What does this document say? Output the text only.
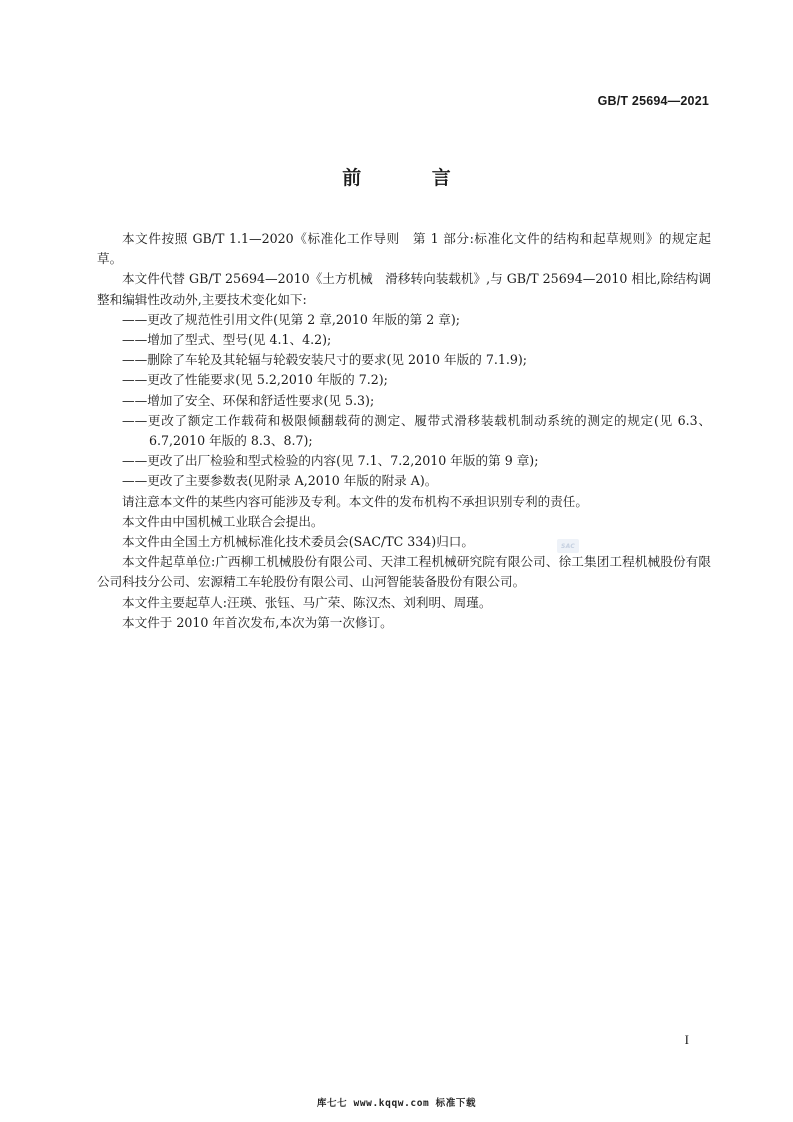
GB/T 25694—2021
前 言

本文件按照 GB/T 1.1—2020《标准化工作导则　第 1 部分:标准化文件的结构和起草规则》的规定起草。

本文件代替 GB/T 25694—2010《土方机械　滑移转向装载机》,与 GB/T 25694—2010 相比,除结构调整和编辑性改动外,主要技术变化如下:

——更改了规范性引用文件(见第 2 章,2010 年版的第 2 章);

——增加了型式、型号(见 4.1、4.2);

——删除了车轮及其轮辐与轮毂安装尺寸的要求(见 2010 年版的 7.1.9);

——更改了性能要求(见 5.2,2010 年版的 7.2);

——增加了安全、环保和舒适性要求(见 5.3);

——更改了额定工作载荷和极限倾翻载荷的测定、履带式滑移装载机制动系统的测定的规定(见 6.3、6.7,2010 年版的 8.3、8.7);

——更改了出厂检验和型式检验的内容(见 7.1、7.2,2010 年版的第 9 章);

——更改了主要参数表(见附录 A,2010 年版的附录 A)。

请注意本文件的某些内容可能涉及专利。本文件的发布机构不承担识别专利的责任。

本文件由中国机械工业联合会提出。

本文件由全国土方机械标准化技术委员会(SAC/TC 334)归口。

本文件起草单位:广西柳工机械股份有限公司、天津工程机械研究院有限公司、徐工集团工程机械股份有限公司科技分公司、宏源精工车轮股份有限公司、山河智能装备股份有限公司。

本文件主要起草人:汪瑛、张钰、马广荣、陈汉杰、刘利明、周瑾。

本文件于 2010 年首次发布,本次为第一次修订。

SAC
I
库七七 www.kqqw.com 标准下载
